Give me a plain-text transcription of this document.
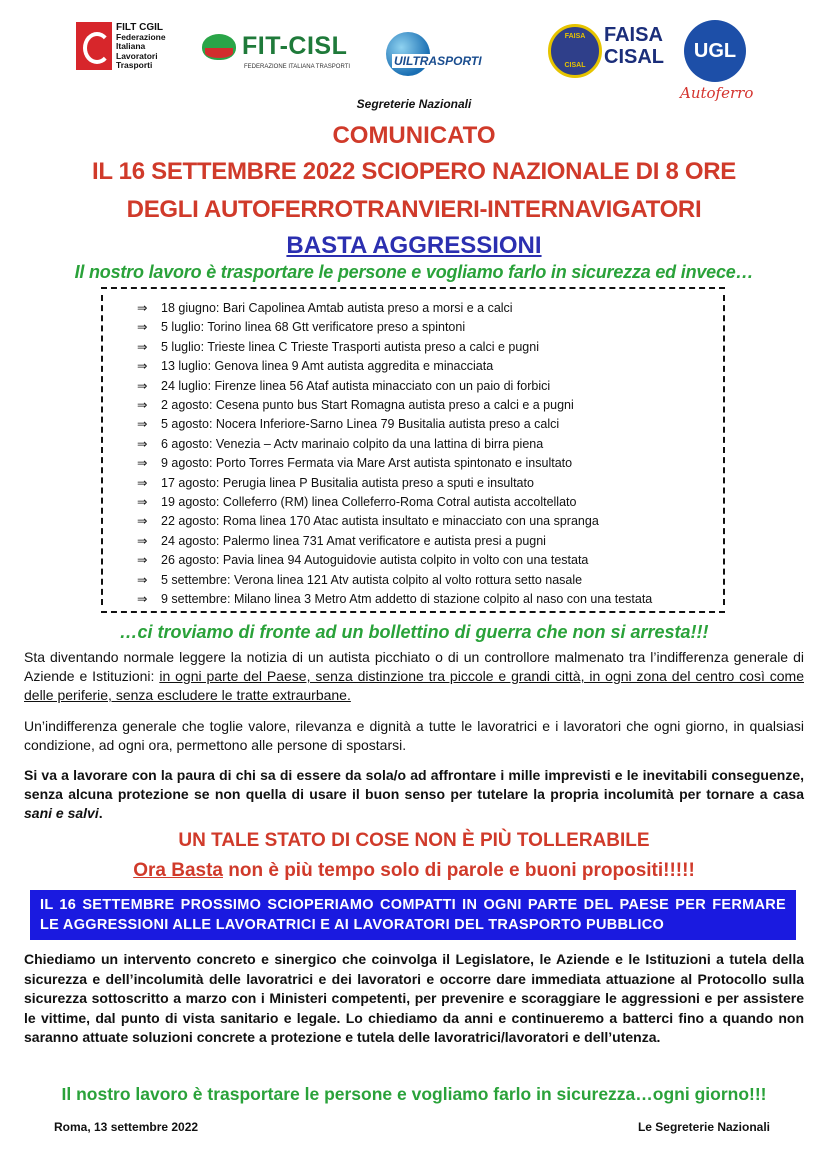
FILT CGIL
Federazione
Italiana
Lavoratori
Trasporti
FIT-CISL
FEDERAZIONE ITALIANA TRASPORTI	UILTRASPORTI
FAISA
CISAL
FAISA
CISAL	UGL
Autoferro
Segreterie Nazionali
COMUNICATO
IL 16 SETTEMBRE 2022 SCIOPERO NAZIONALE DI 8 ORE
DEGLI AUTOFERROTRANVIERI-INTERNAVIGATORI
BASTA AGGRESSIONI
Il nostro lavoro è trasportare le persone e vogliamo farlo in sicurezza ed invece…
⇒ 18 giugno: Bari Capolinea Amtab autista preso a morsi e a calci
⇒ 5 luglio: Torino linea 68 Gtt verificatore preso a spintoni
⇒ 5 luglio: Trieste linea C Trieste Trasporti autista preso a calci e pugni
⇒ 13 luglio: Genova linea 9 Amt autista aggredita e minacciata
⇒ 24 luglio: Firenze linea 56 Ataf autista minacciato con un paio di forbici
⇒ 2 agosto: Cesena punto bus Start Romagna autista preso a calci e a pugni
⇒ 5 agosto: Nocera Inferiore-Sarno Linea 79 Busitalia autista preso a calci
⇒ 6 agosto: Venezia – Actv marinaio colpito da una lattina di birra piena
⇒ 9 agosto: Porto Torres Fermata via Mare Arst autista spintonato e insultato
⇒ 17 agosto: Perugia linea P Busitalia autista preso a sputi e insultato
⇒ 19 agosto: Colleferro (RM) linea Colleferro-Roma Cotral autista accoltellato
⇒ 22 agosto: Roma linea 170 Atac autista insultato e minacciato con una spranga
⇒ 24 agosto: Palermo linea 731 Amat verificatore e autista presi a pugni
⇒ 26 agosto: Pavia linea 94 Autoguidovie autista colpito in volto con una testata
⇒ 5 settembre: Verona linea 121 Atv autista colpito al volto rottura setto nasale
⇒ 9 settembre: Milano linea 3 Metro Atm addetto di stazione colpito al naso con una testata
…ci troviamo di fronte ad un bollettino di guerra che non si arresta!!!
Sta diventando normale leggere la notizia di un autista picchiato o di un controllore malmenato tra l’indifferenza generale di Aziende e Istituzioni: in ogni parte del Paese, senza distinzione tra piccole e grandi città, in ogni zona del centro così come delle periferie, senza escludere le tratte extraurbane.
Un’indifferenza generale che toglie valore, rilevanza e dignità a tutte le lavoratrici e i lavoratori che ogni giorno, in qualsiasi condizione, ad ogni ora, permettono alle persone di spostarsi.
Si va a lavorare con la paura di chi sa di essere da sola/o ad affrontare i mille imprevisti e le inevitabili conseguenze, senza alcuna protezione se non quella di usare il buon senso per tutelare la propria incolumità per tornare a casa sani e salvi.
UN TALE STATO DI COSE NON È PIÙ TOLLERABILE
Ora Basta non è più tempo solo di parole e buoni propositi!!!!!
IL 16 SETTEMBRE PROSSIMO SCIOPERIAMO COMPATTI IN OGNI PARTE DEL PAESE PER FERMARE LE AGGRESSIONI ALLE LAVORATRICI E AI LAVORATORI DEL TRASPORTO PUBBLICO
Chiediamo un intervento concreto e sinergico che coinvolga il Legislatore, le Aziende e le Istituzioni a tutela della sicurezza e dell’incolumità delle lavoratrici e dei lavoratori e occorre dare immediata attuazione al Protocollo sulla sicurezza sottoscritto a marzo con i Ministeri competenti, per prevenire e scoraggiare le aggressioni e per assistere le vittime, dal punto di vista sanitario e legale. Lo chiediamo da anni e continueremo a batterci fino a quando non saranno attuate soluzioni concrete a protezione e tutela delle lavoratrici/lavoratori e dell’utenza.
Il nostro lavoro è trasportare le persone e vogliamo farlo in sicurezza…ogni giorno!!!
Roma, 13 settembre 2022	Le Segreterie Nazionali
